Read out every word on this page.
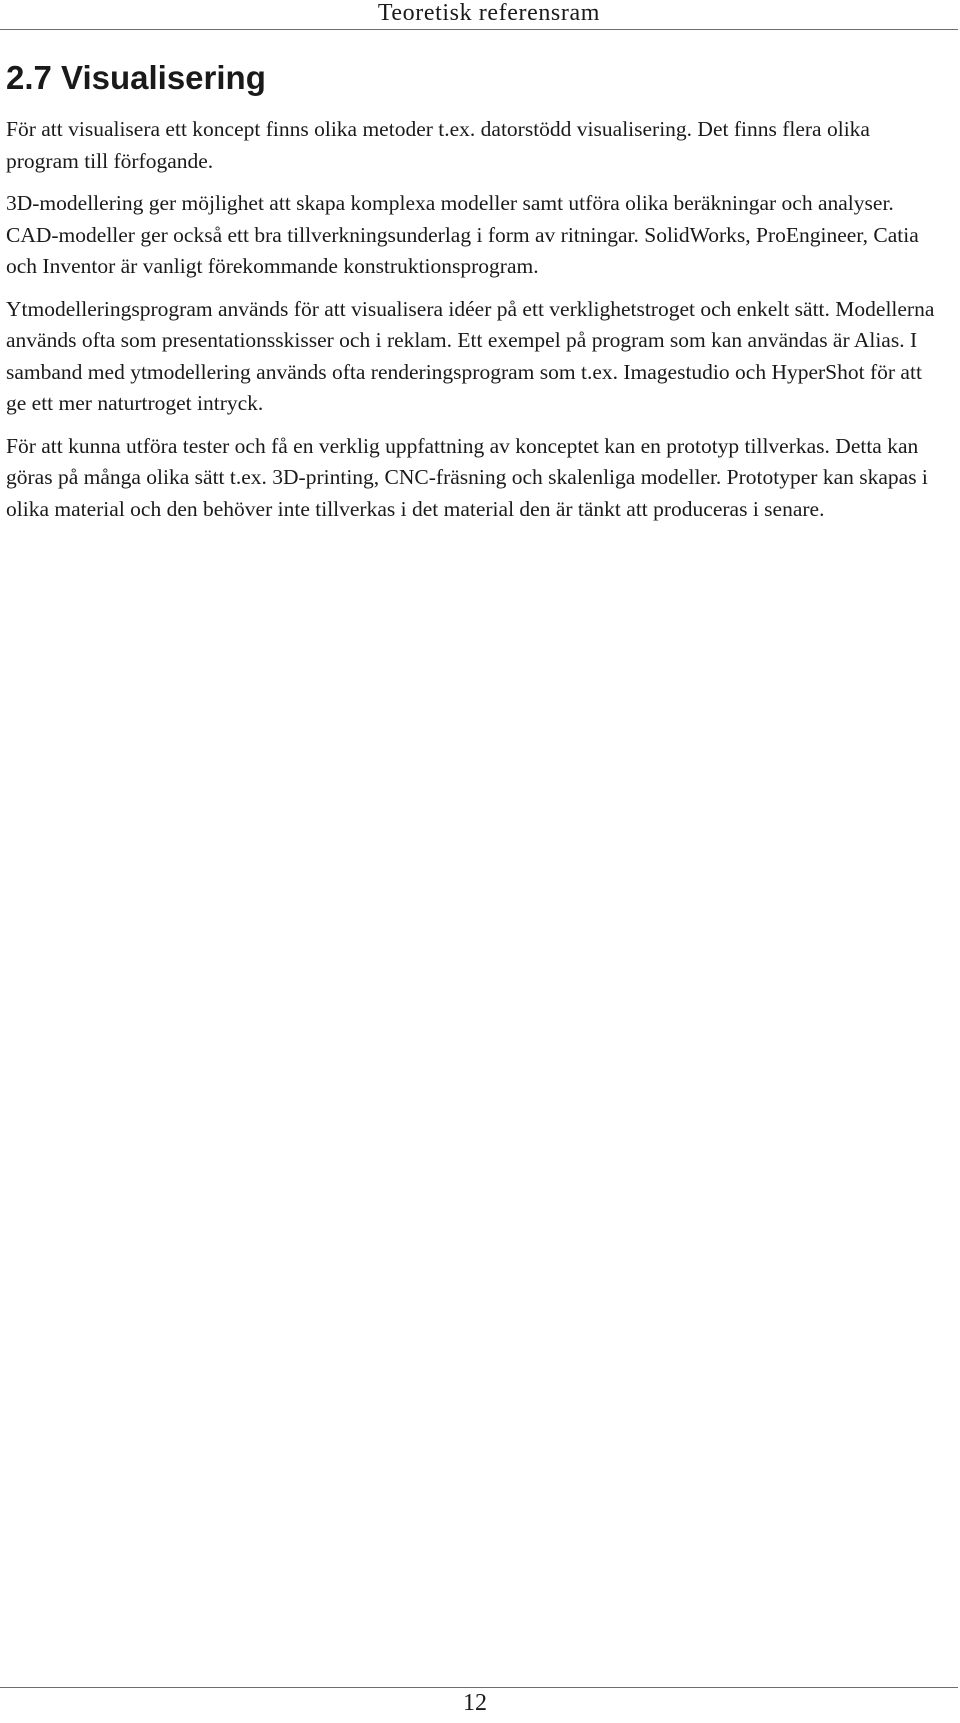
Teoretisk referensram
2.7 Visualisering

För att visualisera ett koncept finns olika metoder t.ex. datorstödd visualisering. Det finns flera olika program till förfogande.

3D-modellering ger möjlighet att skapa komplexa modeller samt utföra olika beräkningar och analyser. CAD-modeller ger också ett bra tillverkningsunderlag i form av ritningar. SolidWorks, ProEngineer, Catia och Inventor är vanligt förekommande konstruktionsprogram.

Ytmodelleringsprogram används för att visualisera idéer på ett verklighetstroget och enkelt sätt. Modellerna används ofta som presentationsskisser och i reklam. Ett exempel på program som kan användas är Alias. I samband med ytmodellering används ofta renderingsprogram som t.ex. Imagestudio och HyperShot för att ge ett mer naturtroget intryck.

För att kunna utföra tester och få en verklig uppfattning av konceptet kan en prototyp tillverkas. Detta kan göras på många olika sätt t.ex. 3D-printing, CNC-fräsning och skalenliga modeller. Prototyper kan skapas i olika material och den behöver inte tillverkas i det material den är tänkt att produceras i senare.

12
